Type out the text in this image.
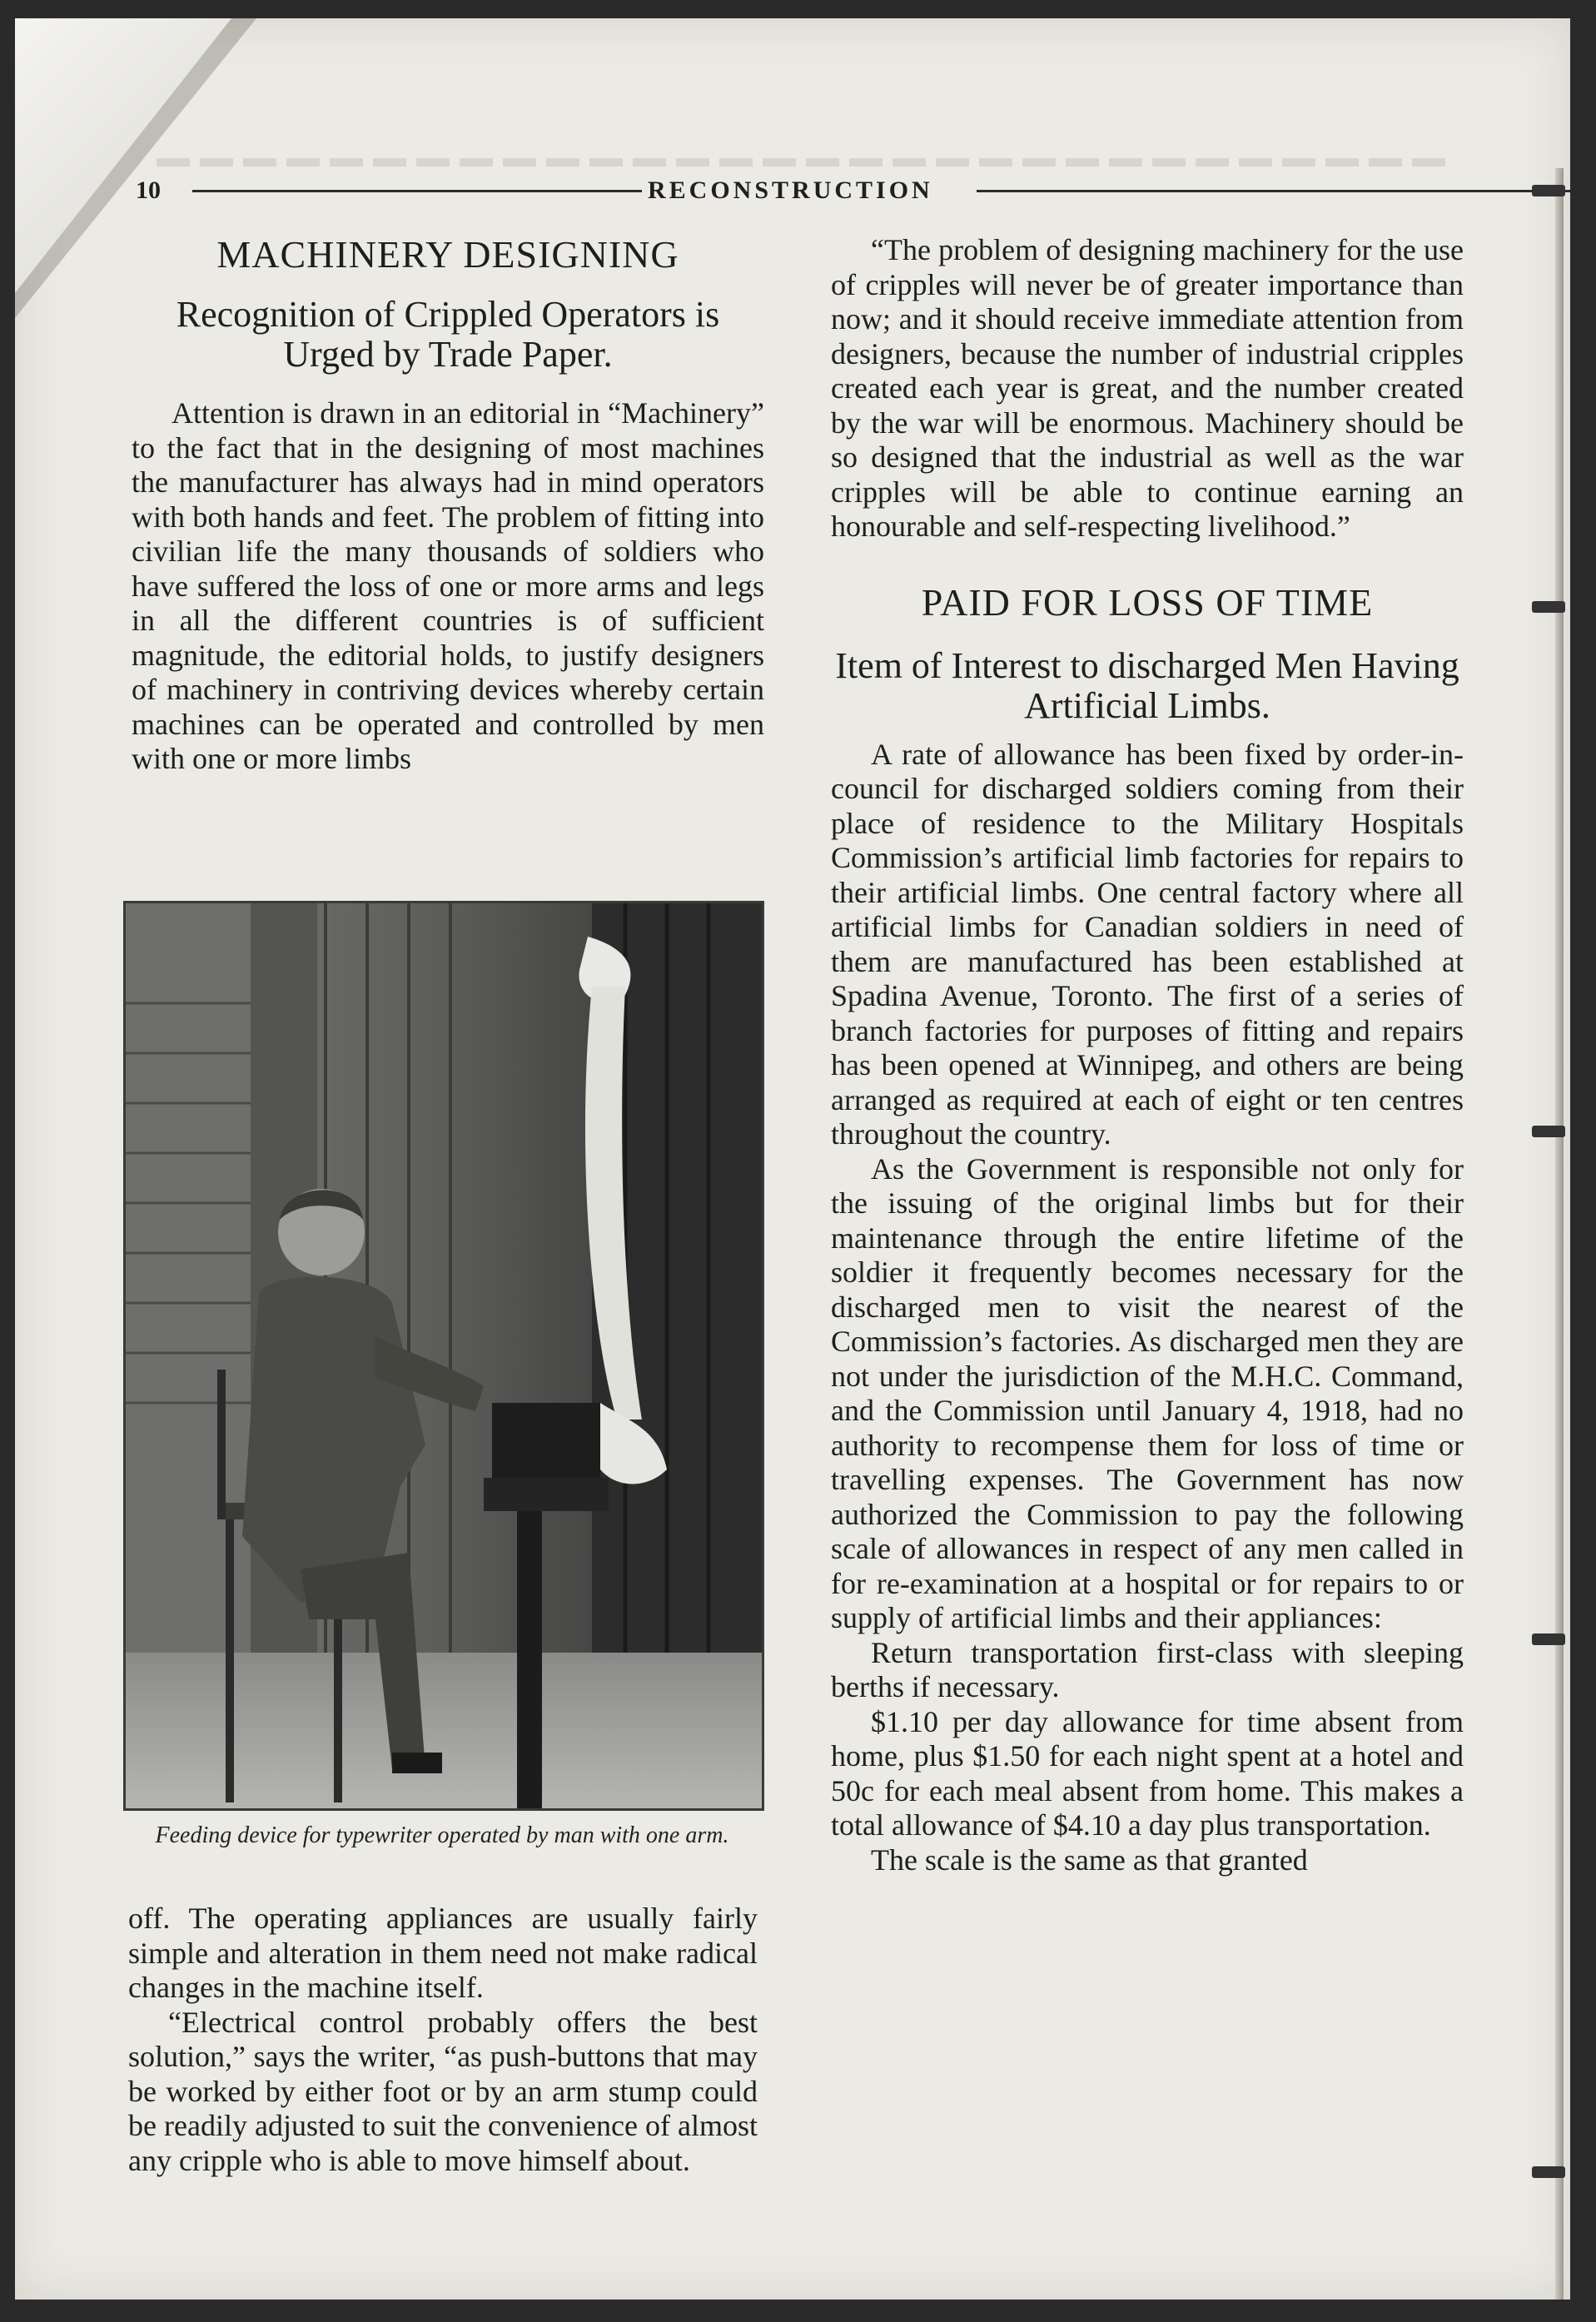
10	RECONSTRUCTION

MACHINERY DESIGNING

Recognition of Crippled Operators is Urged by Trade Paper.

Attention is drawn in an editorial in “Machinery” to the fact that in the designing of most machines the manufacturer has always had in mind operators with both hands and feet. The problem of fitting into civilian life the many thousands of soldiers who have suffered the loss of one or more arms and legs in all the different countries is of sufficient magnitude, the editorial holds, to justify designers of machinery in contriving devices whereby certain machines can be operated and controlled by men with one or more limbs

Feeding device for typewriter operated by man with one arm.

off. The operating appliances are usually fairly simple and alteration in them need not make radical changes in the machine itself.

“Electrical control probably offers the best solution,” says the writer, “as push-buttons that may be worked by either foot or by an arm stump could be readily adjusted to suit the convenience of almost any cripple who is able to move himself about.

“The problem of designing machinery for the use of cripples will never be of greater importance than now; and it should receive immediate attention from designers, because the number of industrial cripples created each year is great, and the number created by the war will be enormous. Machinery should be so designed that the industrial as well as the war cripples will be able to continue earning an honourable and self-respecting livelihood.”

PAID FOR LOSS OF TIME

Item of Interest to discharged Men Having Artificial Limbs.

A rate of allowance has been fixed by order-in-council for discharged soldiers coming from their place of residence to the Military Hospitals Commission’s artificial limb factories for repairs to their artificial limbs. One central factory where all artificial limbs for Canadian soldiers in need of them are manufactured has been established at Spadina Avenue, Toronto. The first of a series of branch factories for purposes of fitting and repairs has been opened at Winnipeg, and others are being arranged as required at each of eight or ten centres throughout the country.

As the Government is responsible not only for the issuing of the original limbs but for their maintenance through the entire lifetime of the soldier it frequently becomes necessary for the discharged men to visit the nearest of the Commission’s factories. As discharged men they are not under the jurisdiction of the M.H.C. Command, and the Commission until January 4, 1918, had no authority to recompense them for loss of time or travelling expenses. The Government has now authorized the Commission to pay the following scale of allowances in respect of any men called in for re-examination at a hospital or for repairs to or supply of artificial limbs and their appliances:

Return transportation first-class with sleeping berths if necessary.

$1.10 per day allowance for time absent from home, plus $1.50 for each night spent at a hotel and 50c for each meal absent from home. This makes a total allowance of $4.10 a day plus transportation.

The scale is the same as that granted
